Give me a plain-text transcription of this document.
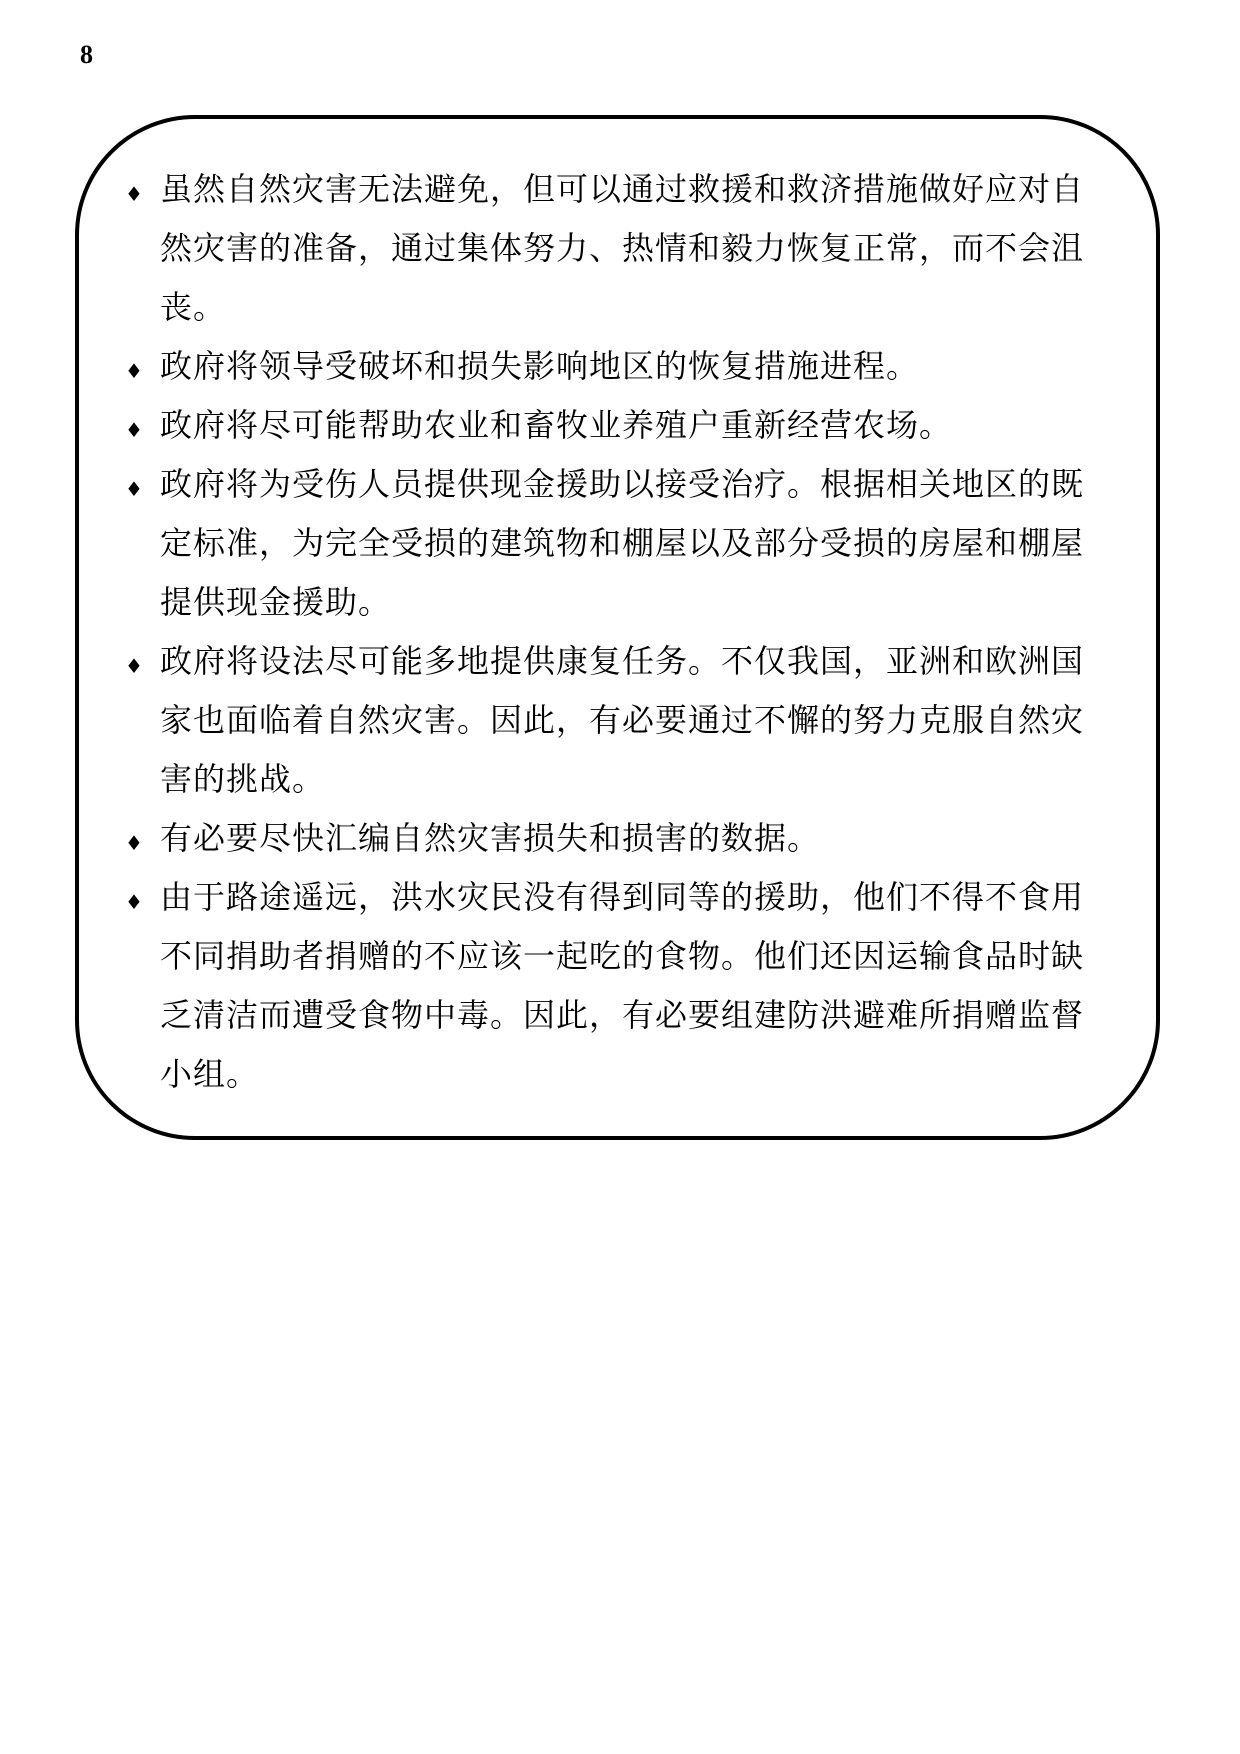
8
♦ 虽然自然灾害无法避免，但可以通过救援和救济措施做好应对自然灾害的准备，通过集体努力、热情和毅力恢复正常，而不会沮丧。
♦ 政府将领导受破坏和损失影响地区的恢复措施进程。
♦ 政府将尽可能帮助农业和畜牧业养殖户重新经营农场。
♦ 政府将为受伤人员提供现金援助以接受治疗。根据相关地区的既定标准，为完全受损的建筑物和棚屋以及部分受损的房屋和棚屋提供现金援助。
♦ 政府将设法尽可能多地提供康复任务。不仅我国，亚洲和欧洲国家也面临着自然灾害。因此，有必要通过不懈的努力克服自然灾害的挑战。
♦ 有必要尽快汇编自然灾害损失和损害的数据。
♦ 由于路途遥远，洪水灾民没有得到同等的援助，他们不得不食用不同捐助者捐赠的不应该一起吃的食物。他们还因运输食品时缺乏清洁而遭受食物中毒。因此，有必要组建防洪避难所捐赠监督小组。
